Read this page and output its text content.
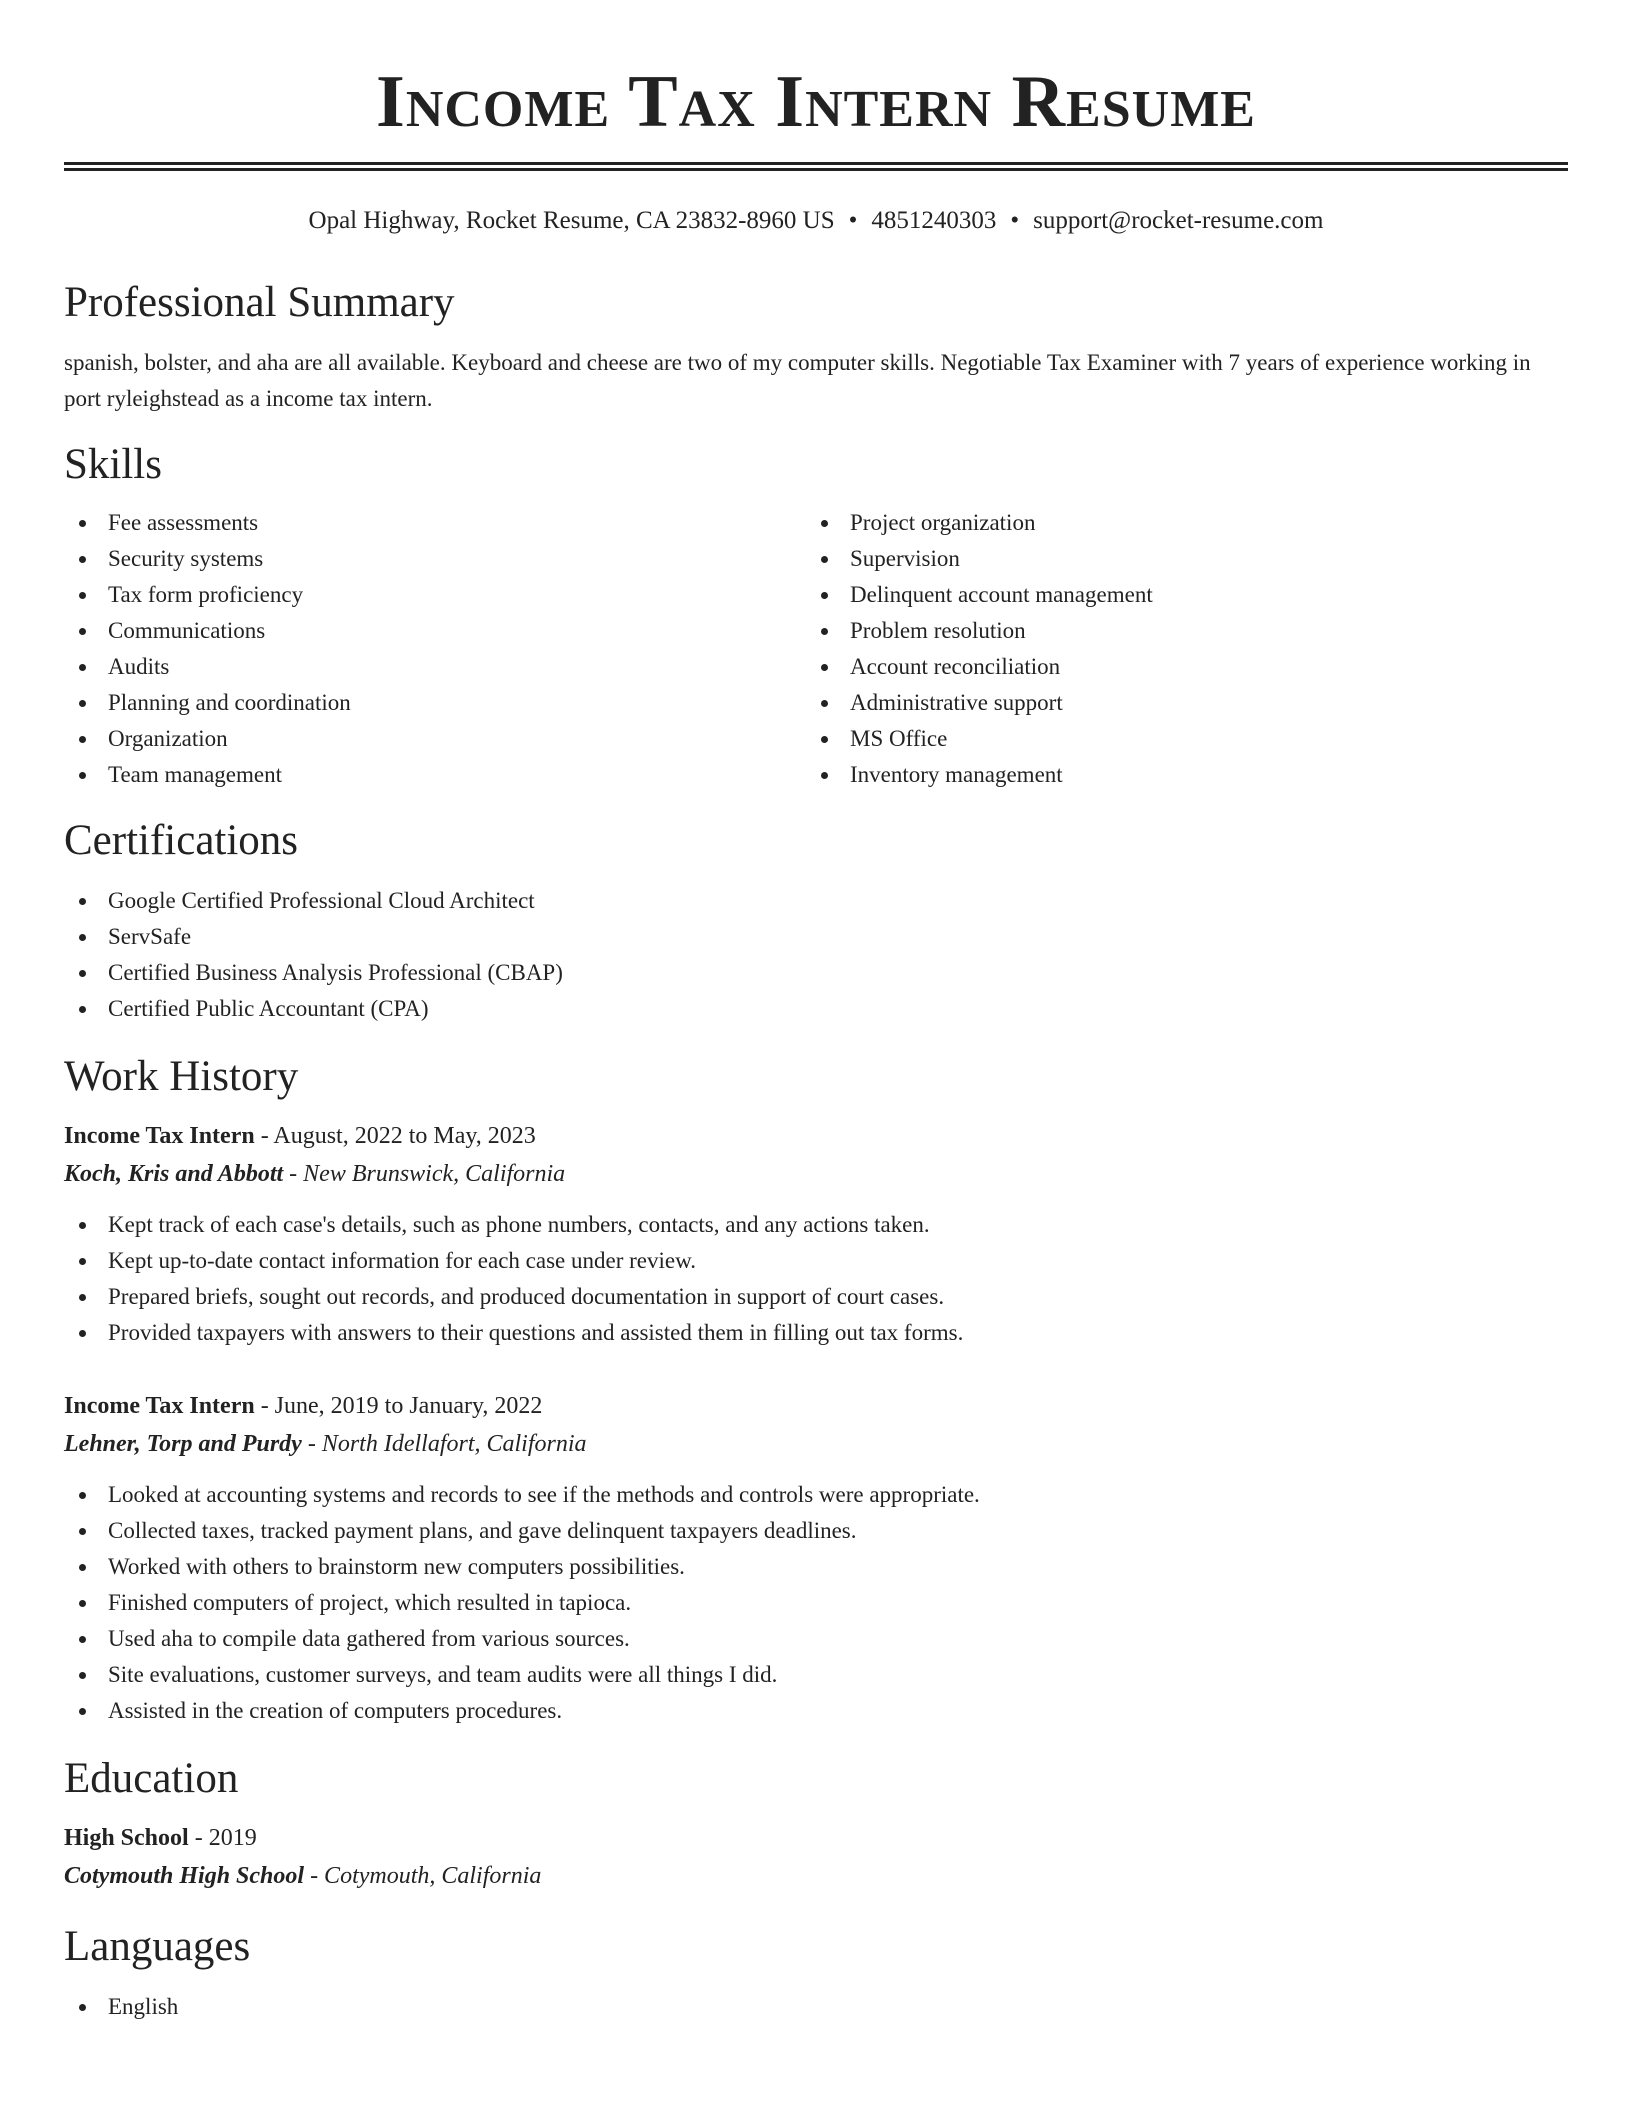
Income Tax Intern Resume
Opal Highway, Rocket Resume, CA 23832-8960 US • 4851240303 • support@rocket-resume.com
Professional Summary
spanish, bolster, and aha are all available. Keyboard and cheese are two of my computer skills. Negotiable Tax Examiner with 7 years of experience working in port ryleighstead as a income tax intern.
Skills
Fee assessments
Security systems
Tax form proficiency
Communications
Audits
Planning and coordination
Organization
Team management
Project organization
Supervision
Delinquent account management
Problem resolution
Account reconciliation
Administrative support
MS Office
Inventory management
Certifications
Google Certified Professional Cloud Architect
ServSafe
Certified Business Analysis Professional (CBAP)
Certified Public Accountant (CPA)
Work History
Income Tax Intern - August, 2022 to May, 2023
Koch, Kris and Abbott - New Brunswick, California
Kept track of each case's details, such as phone numbers, contacts, and any actions taken.
Kept up-to-date contact information for each case under review.
Prepared briefs, sought out records, and produced documentation in support of court cases.
Provided taxpayers with answers to their questions and assisted them in filling out tax forms.
Income Tax Intern - June, 2019 to January, 2022
Lehner, Torp and Purdy - North Idellafort, California
Looked at accounting systems and records to see if the methods and controls were appropriate.
Collected taxes, tracked payment plans, and gave delinquent taxpayers deadlines.
Worked with others to brainstorm new computers possibilities.
Finished computers of project, which resulted in tapioca.
Used aha to compile data gathered from various sources.
Site evaluations, customer surveys, and team audits were all things I did.
Assisted in the creation of computers procedures.
Education
High School - 2019
Cotymouth High School - Cotymouth, California
Languages
English
